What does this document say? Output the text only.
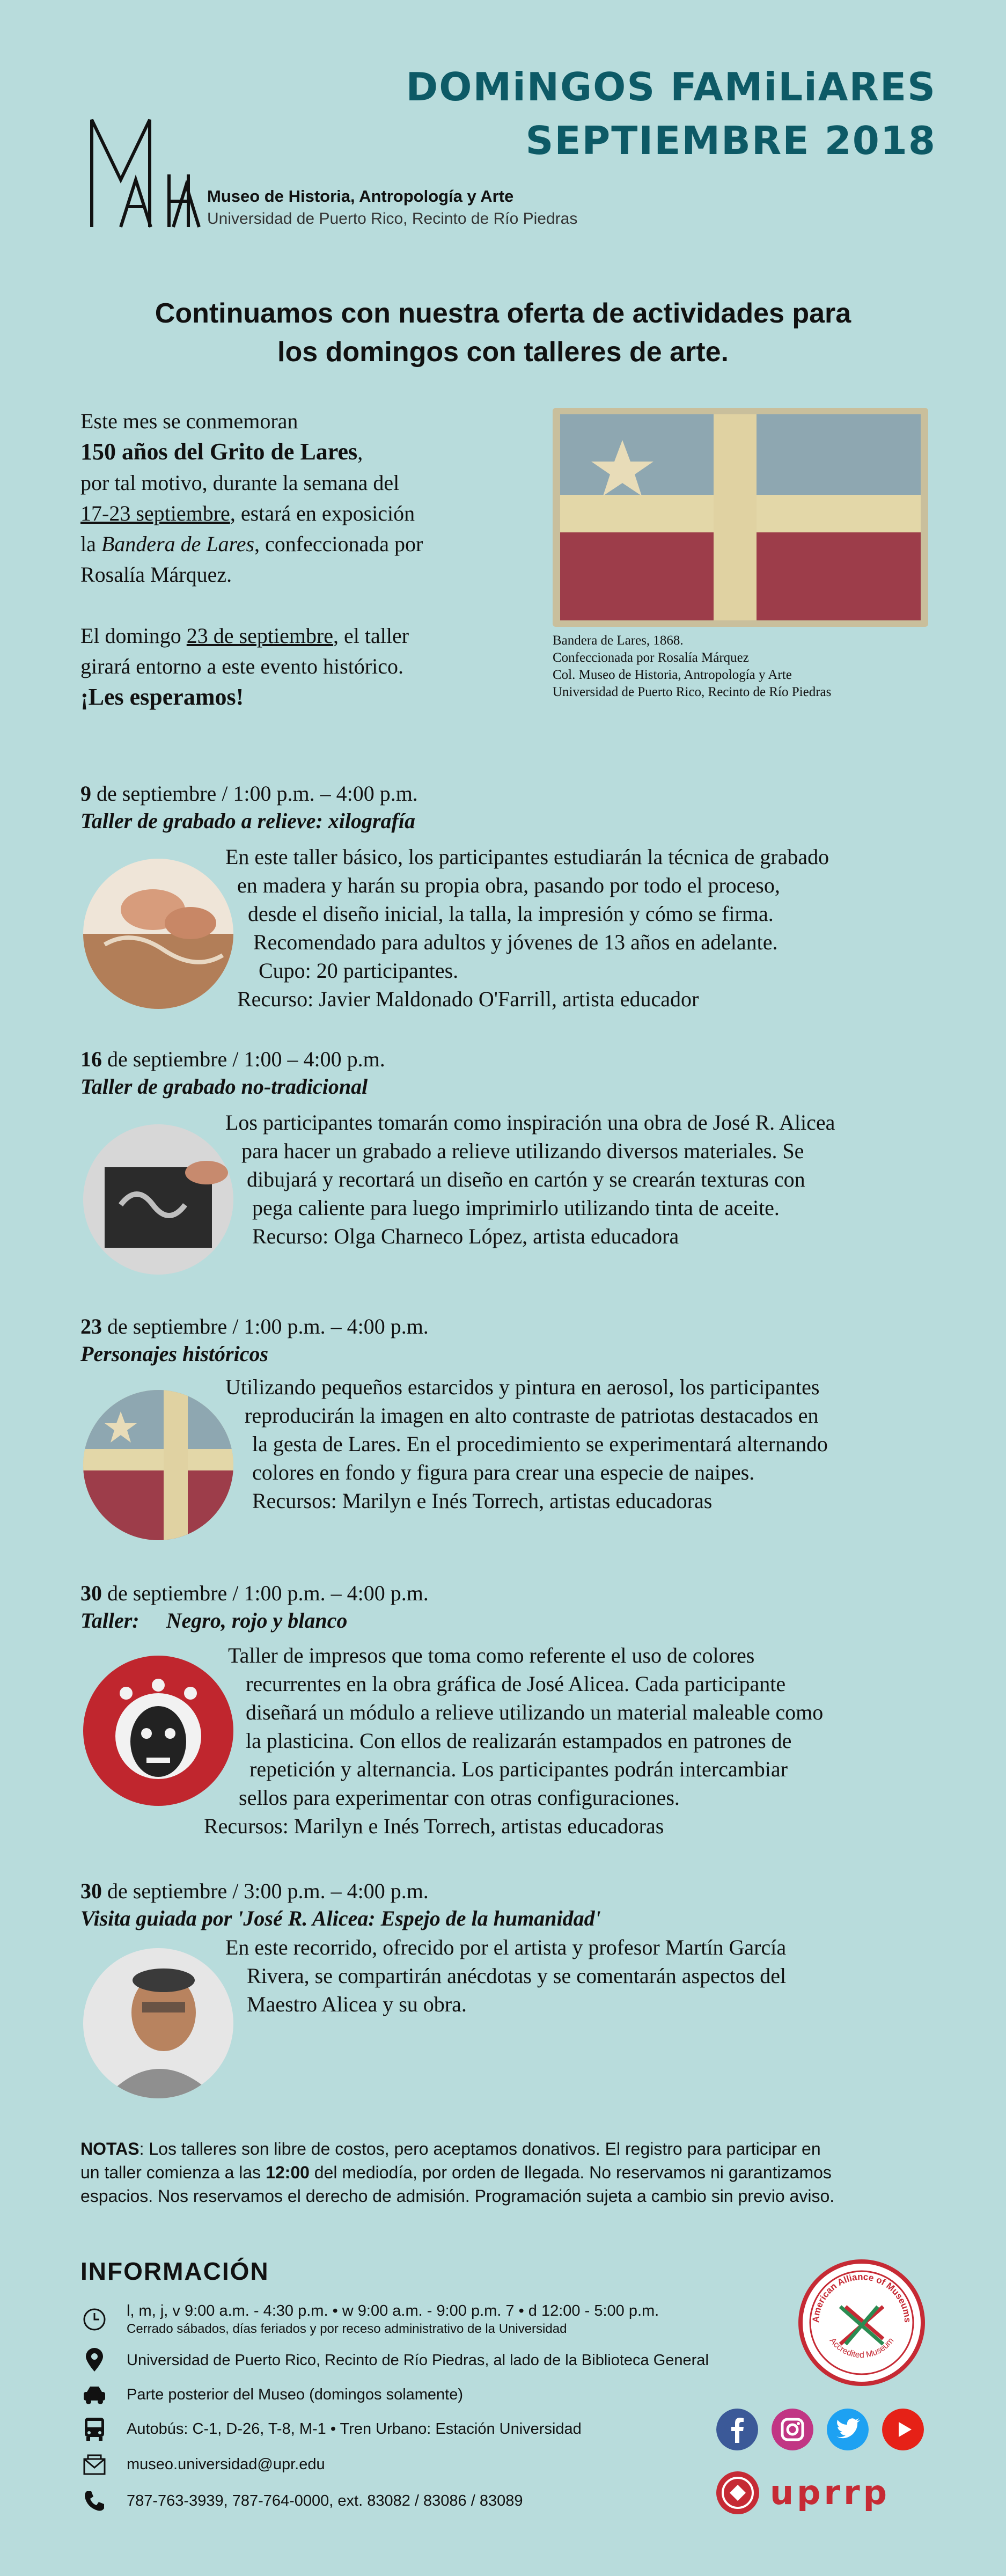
DOMiNGOS FAMiLiARES
SEPTIEMBRE 2018
Museo de Historia, Antropología y Arte
Universidad de Puerto Rico, Recinto de Río Piedras
Continuamos con nuestra oferta de actividades para
los domingos con talleres de arte.
Este mes se conmemoran
150 años del Grito de Lares,
por tal motivo, durante la semana del
17-23 septiembre, estará en exposición
la Bandera de Lares, confeccionada por
Rosalía Márquez.
El domingo 23 de septiembre, el taller
girará entorno a este evento histórico.
¡Les esperamos!
Bandera de Lares, 1868.
Confeccionada por Rosalía Márquez
Col. Museo de Historia, Antropología y Arte
Universidad de Puerto Rico, Recinto de Río Piedras
9 de septiembre / 1:00 p.m. – 4:00 p.m.
Taller de grabado a relieve: xilografía
En este taller básico, los participantes estudiarán la técnica de grabado
en madera y harán su propia obra, pasando por todo el proceso,
desde el diseño inicial, la talla, la impresión y cómo se firma.
Recomendado para adultos y jóvenes de 13 años en adelante.
Cupo: 20 participantes.
Recurso: Javier Maldonado O'Farrill, artista educador
16 de septiembre / 1:00 – 4:00 p.m.
Taller de grabado no-tradicional
Los participantes tomarán como inspiración una obra de José R. Alicea
para hacer un grabado a relieve utilizando diversos materiales. Se
dibujará y recortará un diseño en cartón y se crearán texturas con
pega caliente para luego imprimirlo utilizando tinta de aceite.
Recurso: Olga Charneco López, artista educadora
23 de septiembre / 1:00 p.m. – 4:00 p.m.
Personajes históricos
Utilizando pequeños estarcidos y pintura en aerosol, los participantes
reproducirán la imagen en alto contraste de patriotas destacados en
la gesta de Lares. En el procedimiento se experimentará alternando
colores en fondo y figura para crear una especie de naipes.
Recursos: Marilyn e Inés Torrech, artistas educadoras
30 de septiembre / 1:00 p.m. – 4:00 p.m.
Taller:     Negro, rojo y blanco
Taller de impresos que toma como referente el uso de colores
recurrentes en la obra gráfica de José Alicea. Cada participante
diseñará un módulo a relieve utilizando un material maleable como
la plasticina. Con ellos de realizarán estampados en patrones de
repetición y alternancia. Los participantes podrán intercambiar
sellos para experimentar con otras configuraciones.
Recursos: Marilyn e Inés Torrech, artistas educadoras
30 de septiembre / 3:00 p.m. – 4:00 p.m.
Visita guiada por 'José R. Alicea: Espejo de la humanidad'
En este recorrido, ofrecido por el artista y profesor Martín García
Rivera, se compartirán anécdotas y se comentarán aspectos del
Maestro Alicea y su obra.
NOTAS: Los talleres son libre de costos, pero aceptamos donativos. El registro para participar en
un taller comienza a las 12:00 del mediodía, por orden de llegada. No reservamos ni garantizamos
espacios. Nos reservamos el derecho de admisión. Programación sujeta a cambio sin previo aviso.
INFORMACIÓN
l, m, j, v 9:00 a.m. - 4:30 p.m. • w 9:00 a.m. - 9:00 p.m. 7 • d 12:00 - 5:00 p.m.
Cerrado sábados, días feriados y por receso administrativo de la Universidad
Universidad de Puerto Rico, Recinto de Río Piedras, al lado de la Biblioteca General
Parte posterior del Museo (domingos solamente)
Autobús: C-1, D-26, T-8, M-1 • Tren Urbano: Estación Universidad
museo.universidad@upr.edu
787-763-3939, 787-764-0000, ext. 83082 / 83086 / 83089
American Alliance of Museums
Accredited Museum
uprrp
